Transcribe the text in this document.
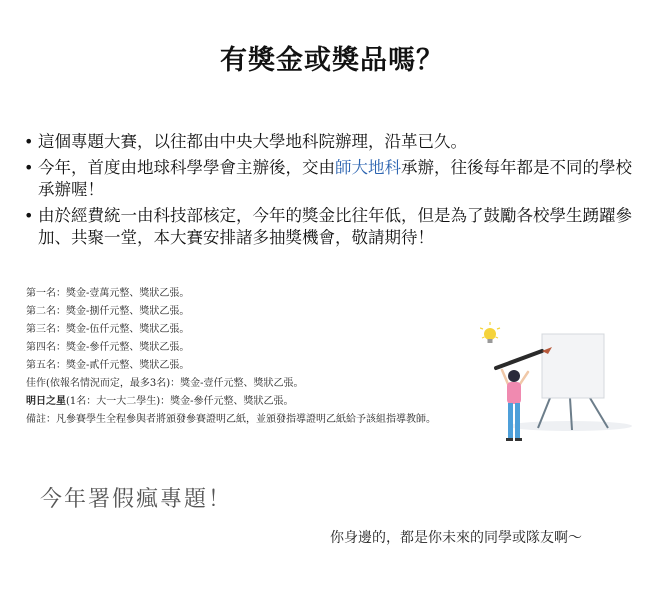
有獎金或獎品嗎？
• 這個專題大賽，以往都由中央大學地科院辦理，沿革已久。
• 今年，首度由地球科學學會主辦後，交由師大地科承辦，往後每年都是不同的學校承辦喔！
• 由於經費統一由科技部核定，今年的獎金比往年低，但是為了鼓勵各校學生踴躍參加、共聚一堂，本大賽安排諸多抽獎機會，敬請期待！
第一名：獎金-壹萬元整、獎狀乙張。
第二名：獎金-捌仟元整、獎狀乙張。
第三名：獎金-伍仟元整、獎狀乙張。
第四名：獎金-參仟元整、獎狀乙張。
第五名：獎金-貳仟元整、獎狀乙張。
佳作(依報名情況而定，最多3名)：獎金-壹仟元整、獎狀乙張。
明日之星(1名：大一大二學生)：獎金-參仟元整、獎狀乙張。
備註：凡參賽學生全程參與者將頒發參賽證明乙紙，並頒發指導證明乙紙給予該組指導教師。
今年署假瘋專題！
你身邊的，都是你未來的同學或隊友啊～
